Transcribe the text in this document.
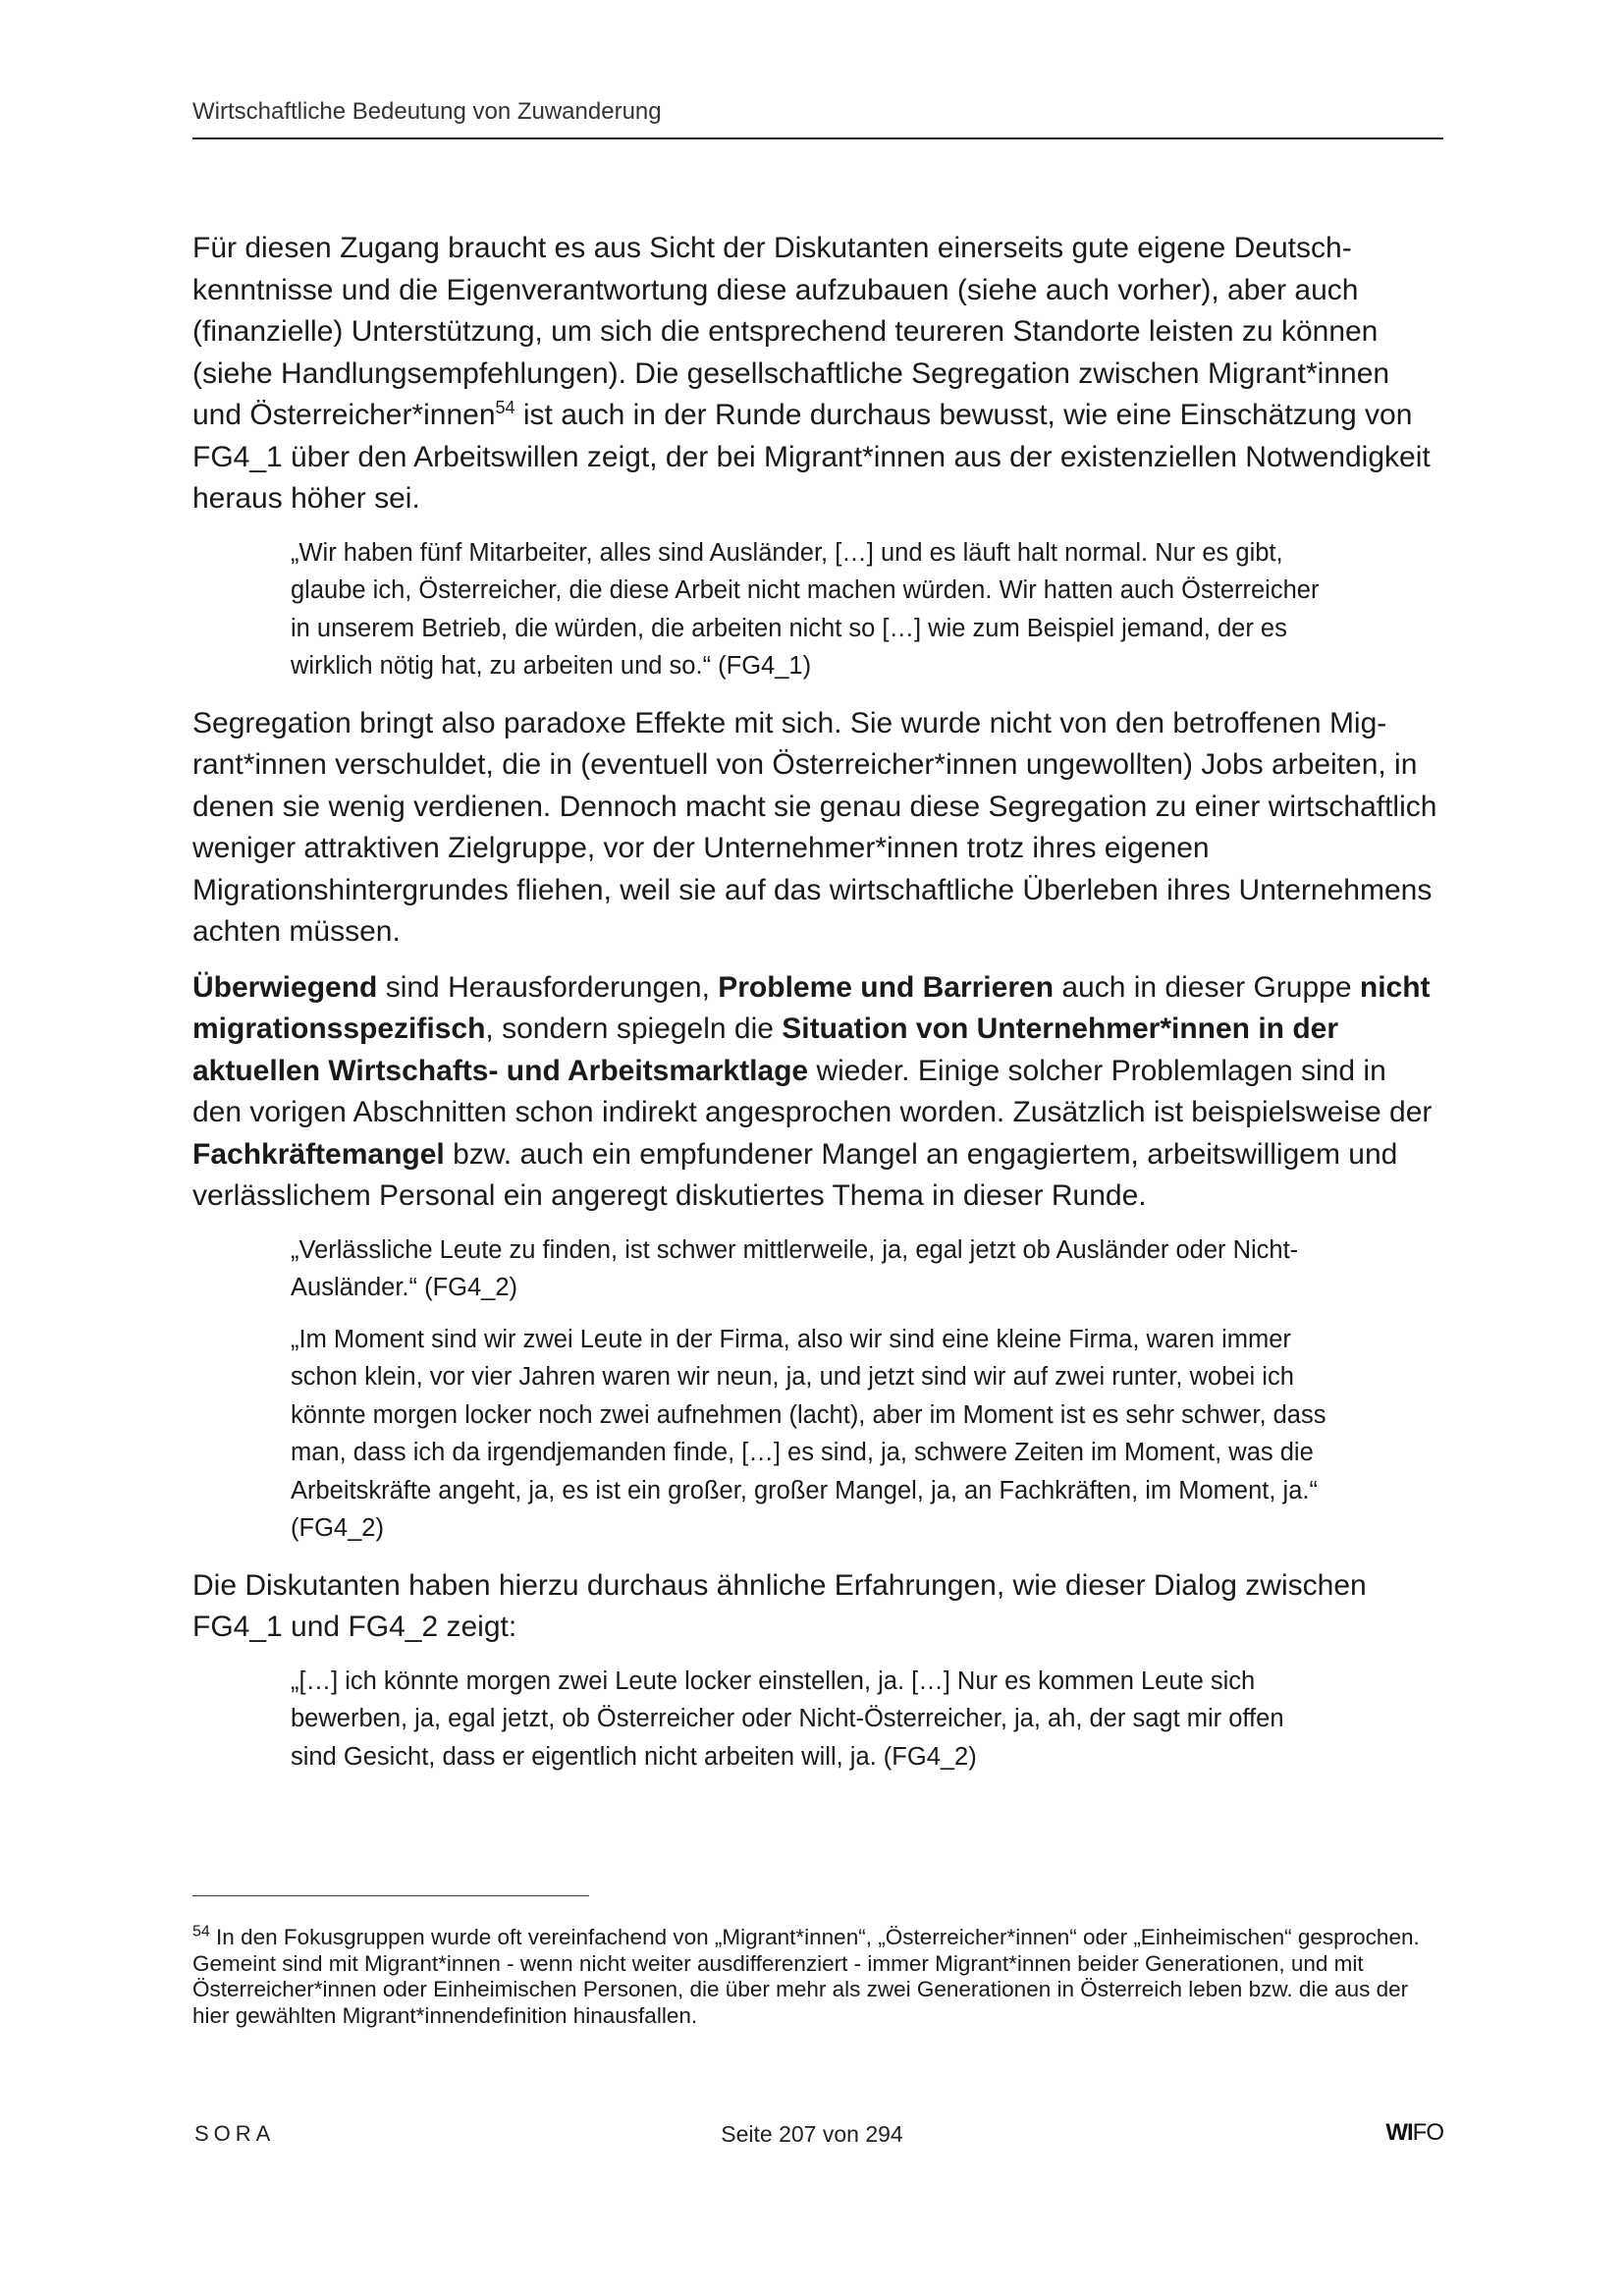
Wirtschaftliche Bedeutung von Zuwanderung

Für diesen Zugang braucht es aus Sicht der Diskutanten einerseits gute eigene Deutschkenntnisse und die Eigenverantwortung diese aufzubauen (siehe auch vorher), aber auch (finanzielle) Unterstützung, um sich die entsprechend teureren Standorte leisten zu können (siehe Handlungsempfehlungen). Die gesellschaftliche Segregation zwischen Migrant*innen und Österreicher*innen$^{54}$ ist auch in der Runde durchaus bewusst, wie eine Einschätzung von FG4_1 über den Arbeitswillen zeigt, der bei Migrant*innen aus der existenziellen Notwendigkeit heraus höher sei.

„Wir haben fünf Mitarbeiter, alles sind Ausländer, […] und es läuft halt normal. Nur es gibt, glaube ich, Österreicher, die diese Arbeit nicht machen würden. Wir hatten auch Österreicher in unserem Betrieb, die würden, die arbeiten nicht so […] wie zum Beispiel jemand, der es wirklich nötig hat, zu arbeiten und so.“ (FG4_1)

Segregation bringt also paradoxe Effekte mit sich. Sie wurde nicht von den betroffenen Migrant*innen verschuldet, die in (eventuell von Österreicher*innen ungewollten) Jobs arbeiten, in denen sie wenig verdienen. Dennoch macht sie genau diese Segregation zu einer wirtschaftlich weniger attraktiven Zielgruppe, vor der Unternehmer*innen trotz ihres eigenen Migrationshintergrundes fliehen, weil sie auf das wirtschaftliche Überleben ihres Unternehmens achten müssen.

Überwiegend sind Herausforderungen, Probleme und Barrieren auch in dieser Gruppe nicht migrationsspezifisch, sondern spiegeln die Situation von Unternehmer*innen in der aktuellen Wirtschafts- und Arbeitsmarktlage wieder. Einige solcher Problemlagen sind in den vorigen Abschnitten schon indirekt angesprochen worden. Zusätzlich ist beispielsweise der Fachkräftemangel bzw. auch ein empfundener Mangel an engagiertem, arbeitswilligem und verlässlichem Personal ein angeregt diskutiertes Thema in dieser Runde.

„Verlässliche Leute zu finden, ist schwer mittlerweile, ja, egal jetzt ob Ausländer oder Nicht-Ausländer.“ (FG4_2)
„Im Moment sind wir zwei Leute in der Firma, also wir sind eine kleine Firma, waren immer schon klein, vor vier Jahren waren wir neun, ja, und jetzt sind wir auf zwei runter, wobei ich könnte morgen locker noch zwei aufnehmen (lacht), aber im Moment ist es sehr schwer, dass man, dass ich da irgendjemanden finde, […] es sind, ja, schwere Zeiten im Moment, was die Arbeitskräfte angeht, ja, es ist ein großer, großer Mangel, ja, an Fachkräften, im Moment, ja.“ (FG4_2)

Die Diskutanten haben hierzu durchaus ähnliche Erfahrungen, wie dieser Dialog zwischen FG4_1 und FG4_2 zeigt:

„[…] ich könnte morgen zwei Leute locker einstellen, ja. […] Nur es kommen Leute sich bewerben, ja, egal jetzt, ob Österreicher oder Nicht-Österreicher, ja, ah, der sagt mir offen sind Gesicht, dass er eigentlich nicht arbeiten will, ja. (FG4_2)
$^{54}$ In den Fokusgruppen wurde oft vereinfachend von „Migrant*innen“, „Österreicher*innen“ oder „Einheimischen“ gesprochen. Gemeint sind mit Migrant*innen - wenn nicht weiter ausdifferenziert - immer Migrant*innen beider Generationen, und mit Österreicher*innen oder Einheimischen Personen, die über mehr als zwei Generationen in Österreich leben bzw. die aus der hier gewählten Migrant*innendefinition hinausfallen.
SORA	Seite 207 von 294	WIFO
